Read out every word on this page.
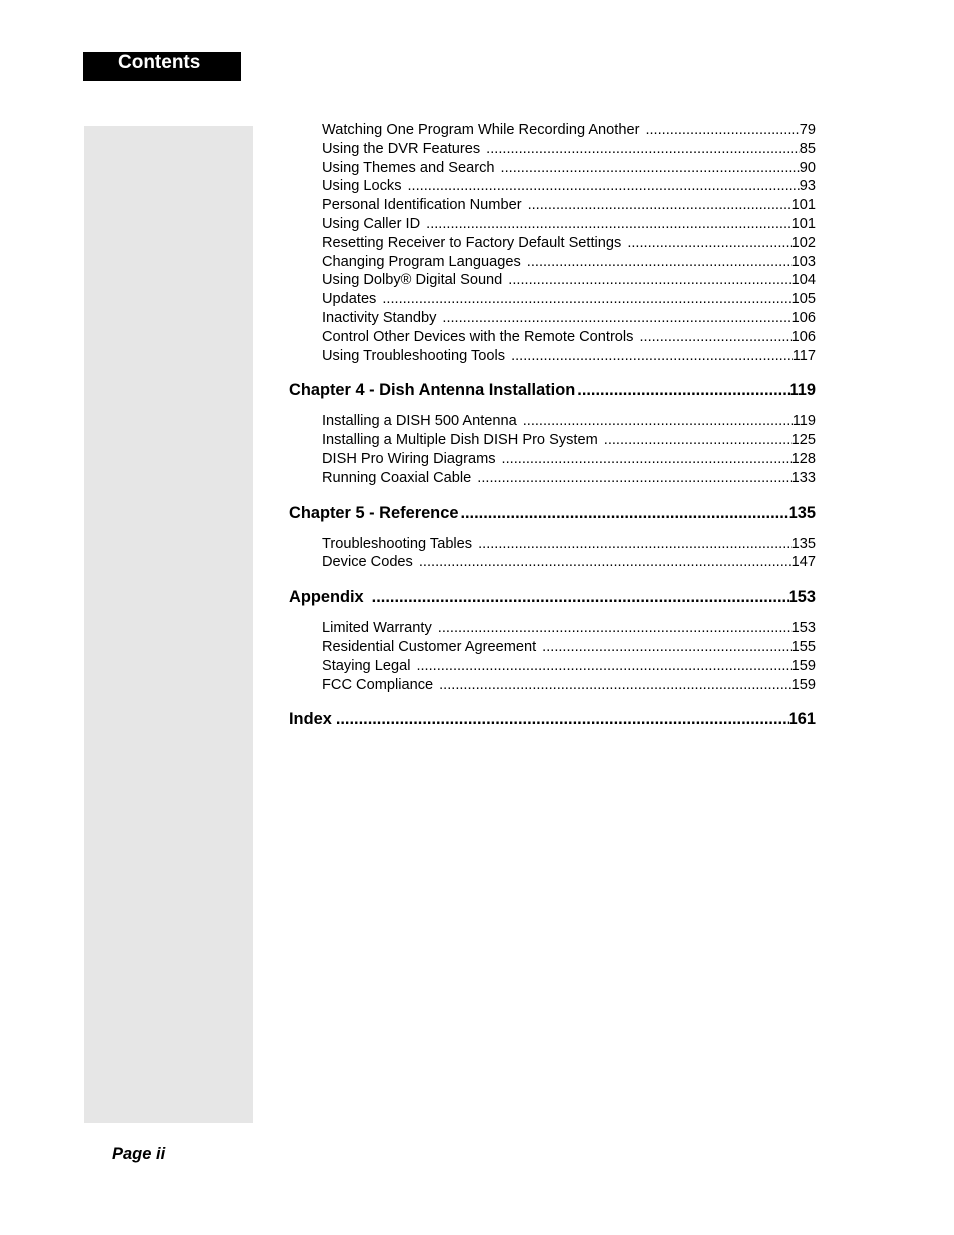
Contents
Watching One Program While Recording Another .....	79
Using the DVR Features .....	85
Using Themes and Search .....	90
Using Locks .....	93
Personal Identification Number .....	101
Using Caller ID .....	101
Resetting Receiver to Factory Default Settings .....	102
Changing Program Languages .....	103
Using Dolby® Digital Sound .....	104
Updates .....	105
Inactivity Standby .....	106
Control Other Devices with the Remote Controls .....	106
Using Troubleshooting Tools .....	117
Chapter 4 - Dish Antenna Installation .....	119
Installing a DISH 500 Antenna .....	119
Installing a Multiple Dish DISH Pro System .....	125
DISH Pro Wiring Diagrams .....	128
Running Coaxial Cable .....	133
Chapter 5 - Reference .....	135
Troubleshooting Tables .....	135
Device Codes .....	147
Appendix .....	153
Limited Warranty .....	153
Residential Customer Agreement .....	155
Staying Legal .....	159
FCC Compliance .....	159
Index .....	161
Page ii
